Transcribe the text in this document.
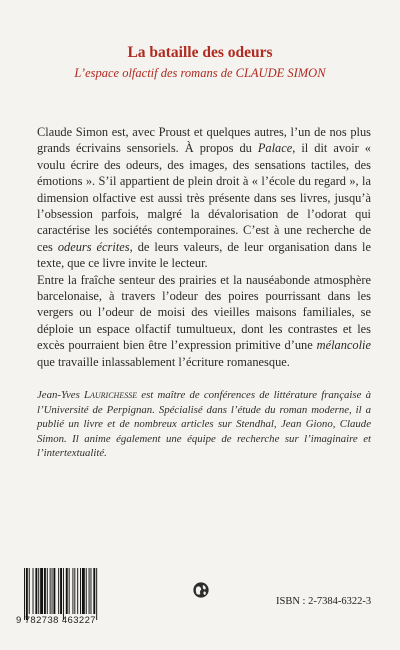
La bataille des odeurs
L’espace olfactif des romans de CLAUDE SIMON

Claude Simon est, avec Proust et quelques autres, l’un de nos plus grands écrivains sensoriels. À propos du Palace, il dit avoir « voulu écrire des odeurs, des images, des sensations tactiles, des émotions ». S’il appartient de plein droit à « l’école du regard », la dimension olfactive est aussi très présente dans ses livres, jusqu’à l’obsession parfois, malgré la dévalorisation de l’odorat qui caractérise les sociétés contemporaines. C’est à une recherche de ces odeurs écrites, de leurs valeurs, de leur organisation dans le texte, que ce livre invite le lecteur.

Entre la fraîche senteur des prairies et la nauséabonde atmosphère barcelonaise, à travers l’odeur des poires pourrissant dans les vergers ou l’odeur de moisi des vieilles maisons familiales, se déploie un espace olfactif tumultueux, dont les contrastes et les excès pourraient bien être l’expression primitive d’une mélancolie que travaille inlassablement l’écriture romanesque.

Jean-Yves Laurichesse est maître de conférences de littérature française à l’Université de Perpignan. Spécialisé dans l’étude du roman moderne, il a publié un livre et de nombreux articles sur Stendhal, Jean Giono, Claude Simon. Il anime également une équipe de recherche sur l’imaginaire et l’intertextualité.
9 782738 463227
ISBN : 2-7384-6322-3
